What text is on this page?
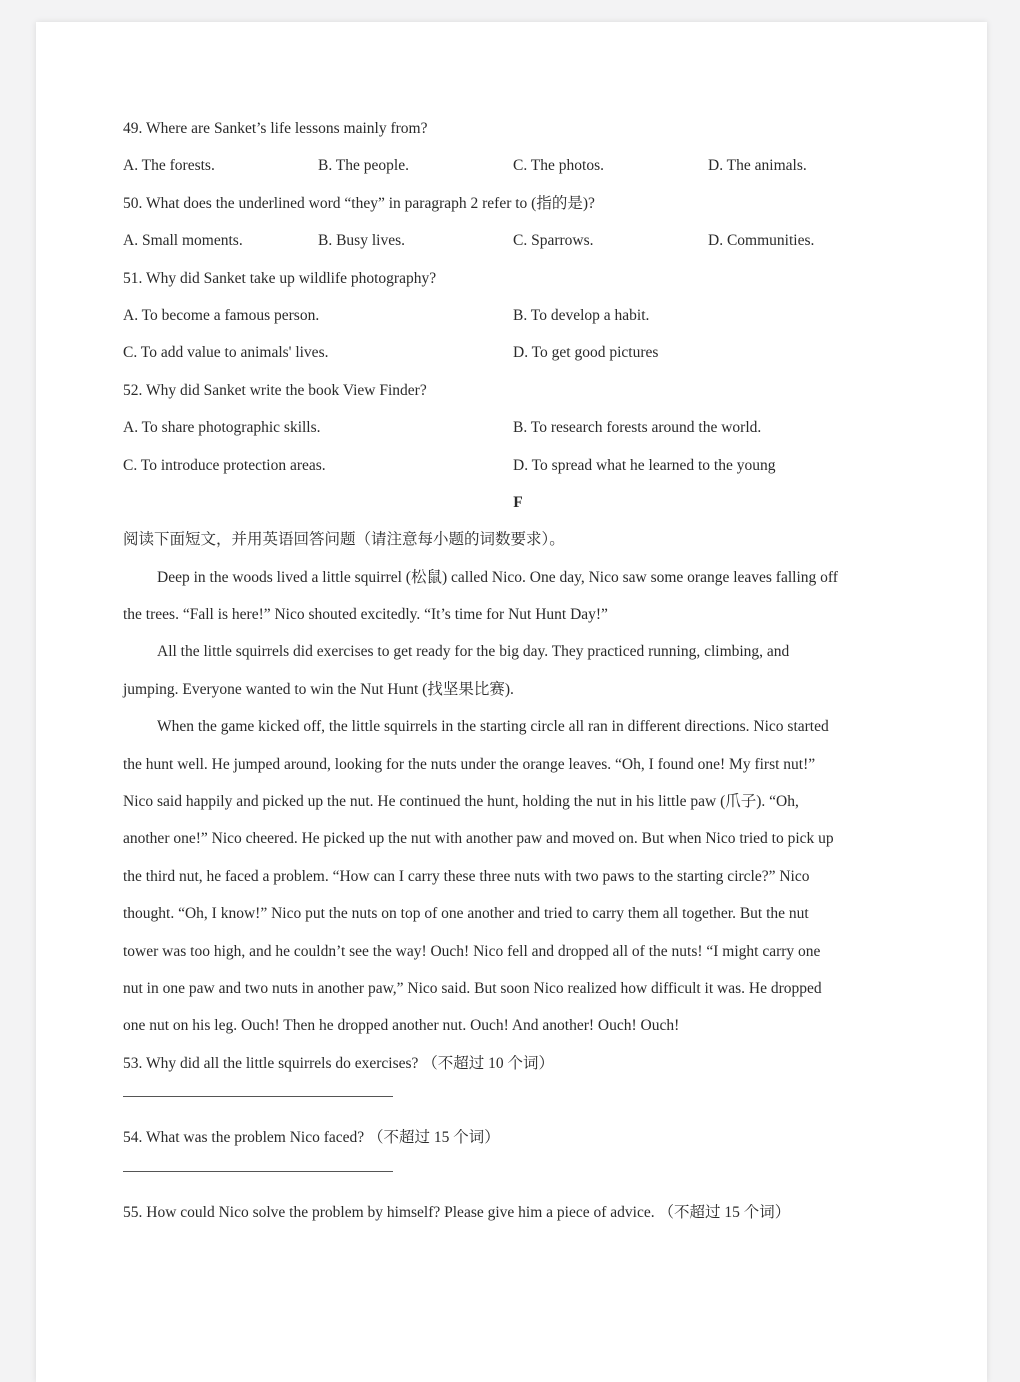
49. Where are Sanket’s life lessons mainly from?
A. The forests.	B. The people.	C. The photos.	D. The animals.
50. What does the underlined word “they” in paragraph 2 refer to (指的是)?
A. Small moments.	B. Busy lives.	C. Sparrows.	D. Communities.
51. Why did Sanket take up wildlife photography?
A. To become a famous person.	B. To develop a habit.
C. To add value to animals' lives.	D. To get good pictures
52. Why did Sanket write the book View Finder?
A. To share photographic skills.	B. To research forests around the world.
C. To introduce protection areas.	D. To spread what he learned to the young
F
阅读下面短文，并用英语回答问题（请注意每小题的词数要求）。
Deep in the woods lived a little squirrel (松鼠) called Nico. One day, Nico saw some orange leaves falling off
the trees. “Fall is here!” Nico shouted excitedly. “It’s time for Nut Hunt Day!”
All the little squirrels did exercises to get ready for the big day. They practiced running, climbing, and
jumping. Everyone wanted to win the Nut Hunt (找坚果比赛).
When the game kicked off, the little squirrels in the starting circle all ran in different directions. Nico started
the hunt well. He jumped around, looking for the nuts under the orange leaves. “Oh, I found one! My first nut!”
Nico said happily and picked up the nut. He continued the hunt, holding the nut in his little paw (爪子). “Oh,
another one!” Nico cheered. He picked up the nut with another paw and moved on. But when Nico tried to pick up
the third nut, he faced a problem. “How can I carry these three nuts with two paws to the starting circle?” Nico
thought. “Oh, I know!” Nico put the nuts on top of one another and tried to carry them all together. But the nut
tower was too high, and he couldn’t see the way! Ouch! Nico fell and dropped all of the nuts! “I might carry one
nut in one paw and two nuts in another paw,” Nico said. But soon Nico realized how difficult it was. He dropped
one nut on his leg. Ouch! Then he dropped another nut. Ouch! And another! Ouch! Ouch!
53. Why did all the little squirrels do exercises? （不超过 10 个词）
54. What was the problem Nico faced? （不超过 15 个词）
55. How could Nico solve the problem by himself? Please give him a piece of advice. （不超过 15 个词）
